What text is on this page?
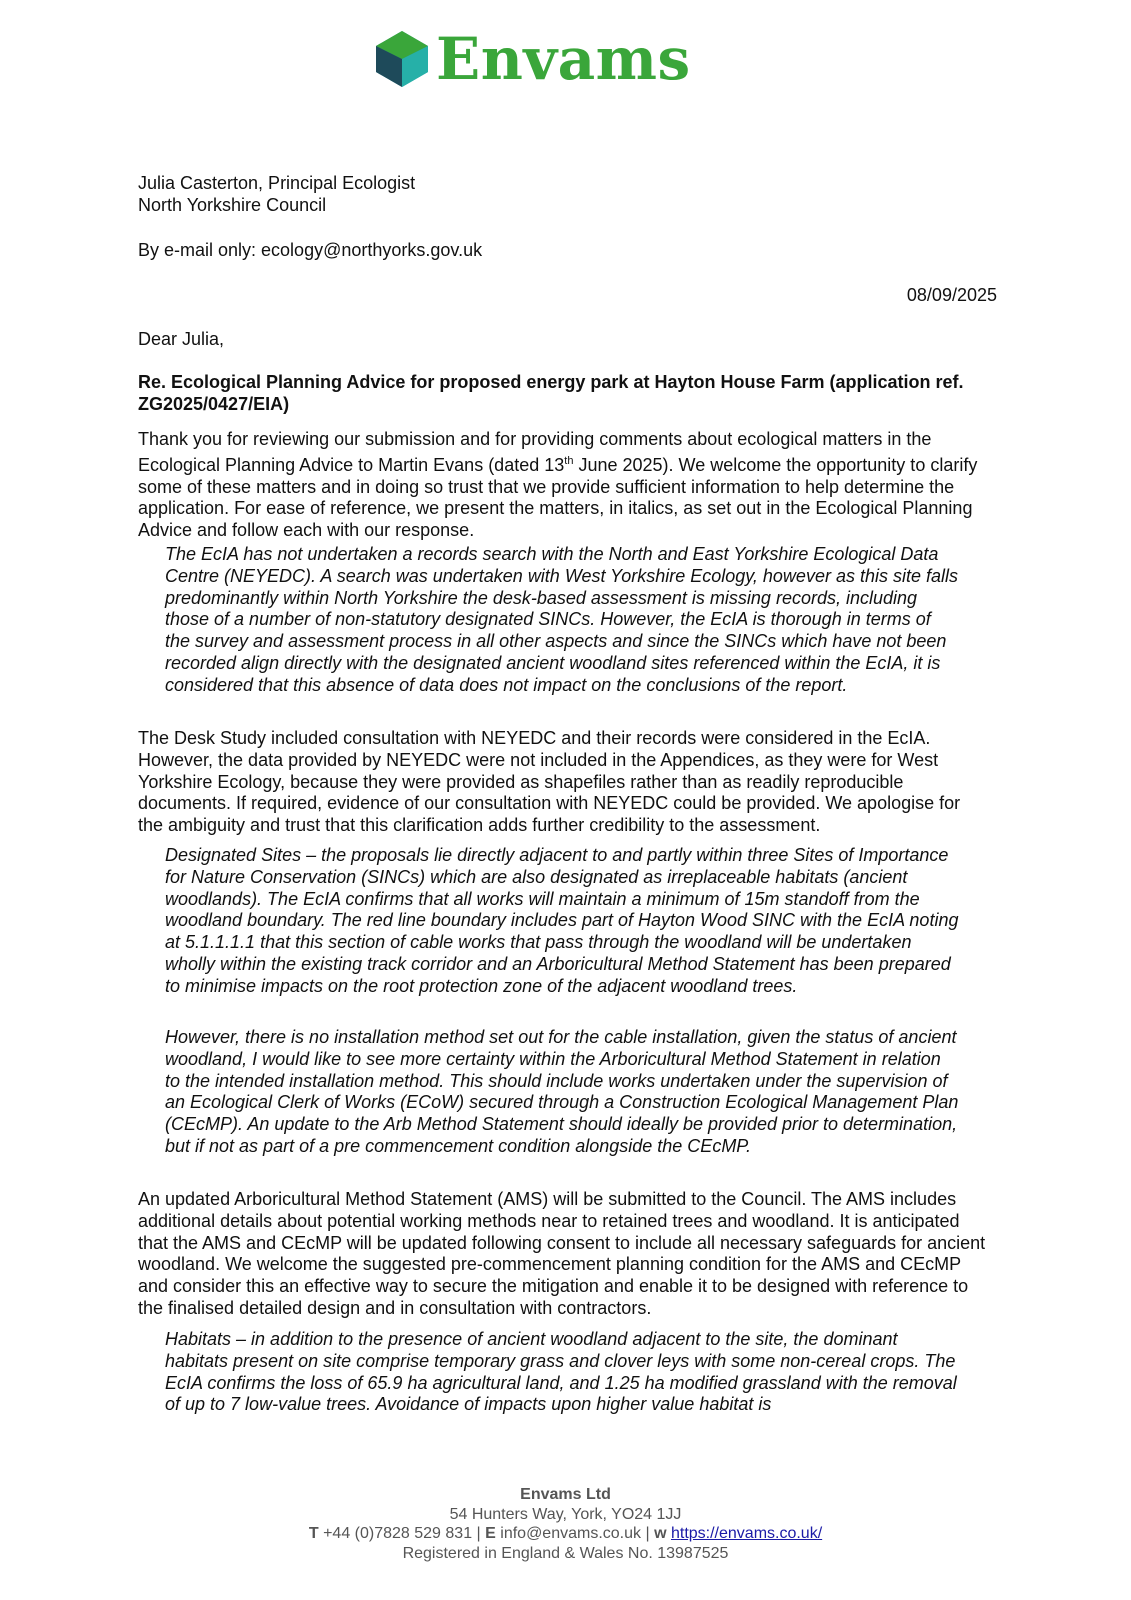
Envams
Julia Casterton, Principal Ecologist
North Yorkshire Council
By e-mail only: ecology@northyorks.gov.uk
08/09/2025
Dear Julia,
Re. Ecological Planning Advice for proposed energy park at Hayton House Farm (application ref. ZG2025/0427/EIA)

Thank you for reviewing our submission and for providing comments about ecological matters in the Ecological Planning Advice to Martin Evans (dated 13th June 2025). We welcome the opportunity to clarify some of these matters and in doing so trust that we provide sufficient information to help determine the application. For ease of reference, we present the matters, in italics, as set out in the Ecological Planning Advice and follow each with our response.

The EcIA has not undertaken a records search with the North and East Yorkshire Ecological Data Centre (NEYEDC). A search was undertaken with West Yorkshire Ecology, however as this site falls predominantly within North Yorkshire the desk-based assessment is missing records, including those of a number of non-statutory designated SINCs. However, the EcIA is thorough in terms of the survey and assessment process in all other aspects and since the SINCs which have not been recorded align directly with the designated ancient woodland sites referenced within the EcIA, it is considered that this absence of data does not impact on the conclusions of the report.

The Desk Study included consultation with NEYEDC and their records were considered in the EcIA. However, the data provided by NEYEDC were not included in the Appendices, as they were for West Yorkshire Ecology, because they were provided as shapefiles rather than as readily reproducible documents. If required, evidence of our consultation with NEYEDC could be provided. We apologise for the ambiguity and trust that this clarification adds further credibility to the assessment.

Designated Sites – the proposals lie directly adjacent to and partly within three Sites of Importance for Nature Conservation (SINCs) which are also designated as irreplaceable habitats (ancient woodlands). The EcIA confirms that all works will maintain a minimum of 15m standoff from the woodland boundary. The red line boundary includes part of Hayton Wood SINC with the EcIA noting at 5.1.1.1.1 that this section of cable works that pass through the woodland will be undertaken wholly within the existing track corridor and an Arboricultural Method Statement has been prepared to minimise impacts on the root protection zone of the adjacent woodland trees.

However, there is no installation method set out for the cable installation, given the status of ancient woodland, I would like to see more certainty within the Arboricultural Method Statement in relation to the intended installation method. This should include works undertaken under the supervision of an Ecological Clerk of Works (ECoW) secured through a Construction Ecological Management Plan (CEcMP). An update to the Arb Method Statement should ideally be provided prior to determination, but if not as part of a pre commencement condition alongside the CEcMP.

An updated Arboricultural Method Statement (AMS) will be submitted to the Council. The AMS includes additional details about potential working methods near to retained trees and woodland. It is anticipated that the AMS and CEcMP will be updated following consent to include all necessary safeguards for ancient woodland. We welcome the suggested pre-commencement planning condition for the AMS and CEcMP and consider this an effective way to secure the mitigation and enable it to be designed with reference to the finalised detailed design and in consultation with contractors.

Habitats – in addition to the presence of ancient woodland adjacent to the site, the dominant habitats present on site comprise temporary grass and clover leys with some non-cereal crops. The EcIA confirms the loss of 65.9 ha agricultural land, and 1.25 ha modified grassland with the removal of up to 7 low-value trees. Avoidance of impacts upon higher value habitat is

Envams Ltd
54 Hunters Way, York, YO24 1JJ
T +44 (0)7828 529 831 | E info@envams.co.uk | w https://envams.co.uk/
Registered in England & Wales No. 13987525
